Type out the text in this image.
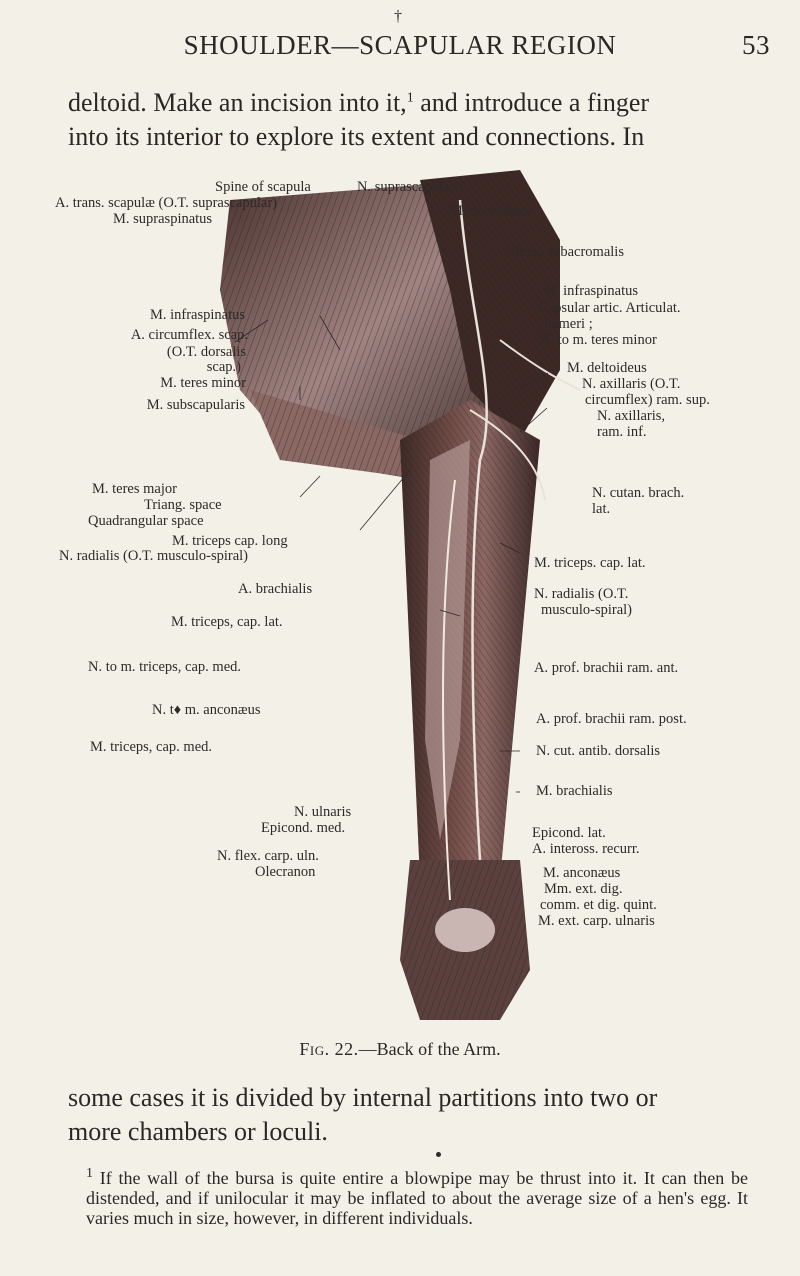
†
SHOULDER—SCAPULAR REGION	53
deltoid. Make an incision into it,$^1$ and introduce a finger
into its interior to explore its extent and connections. In
Spine of scapula	N. suprascapularis
A. trans. scapulæ (O.T. suprascapular)
M. supraspinatus	M. deltoideus
Bursa subacromalis
M. infraspinatus
A. circumflex. scap.
(O.T. dorsalis
scap.)
M. teres minor
M. subscapularis
M. teres major
Triang. space
Quadrangular space
M. triceps cap. long
N. radialis (O.T. musculo-spiral)
A. brachialis
M. triceps, cap. lat.
N. to m. triceps, cap. med.
N. t♦ m. anconæus
M. triceps, cap. med.
N. ulnaris
Epicond. med.
N. flex. carp. uln.
Olecranon
M. infraspinatus
Capsular artic. Articulat.
humeri ;
N. to m. teres minor
M. deltoideus
N. axillaris (O.T.
circumflex) ram. sup.
N. axillaris,
ram. inf.
N. cutan. brach.
lat.
M. triceps. cap. lat.
N. radialis (O.T.
musculo-spiral)
A. prof. brachii ram. ant.
A. prof. brachii ram. post.
N. cut. antib. dorsalis
M. brachialis
Epicond. lat.
A. inteross. recurr.
M. anconæus
Mm. ext. dig.
comm. et dig. quint.
M. ext. carp. ulnaris
Fig. 22.—Back of the Arm.
some cases it is divided by internal partitions into two or
more chambers or loculi.
$^1$ If the wall of the bursa is quite entire a blowpipe may be thrust into it. It can then be distended, and if unilocular it may be inflated to about the average size of a hen's egg. It varies much in size, however, in different individuals.
